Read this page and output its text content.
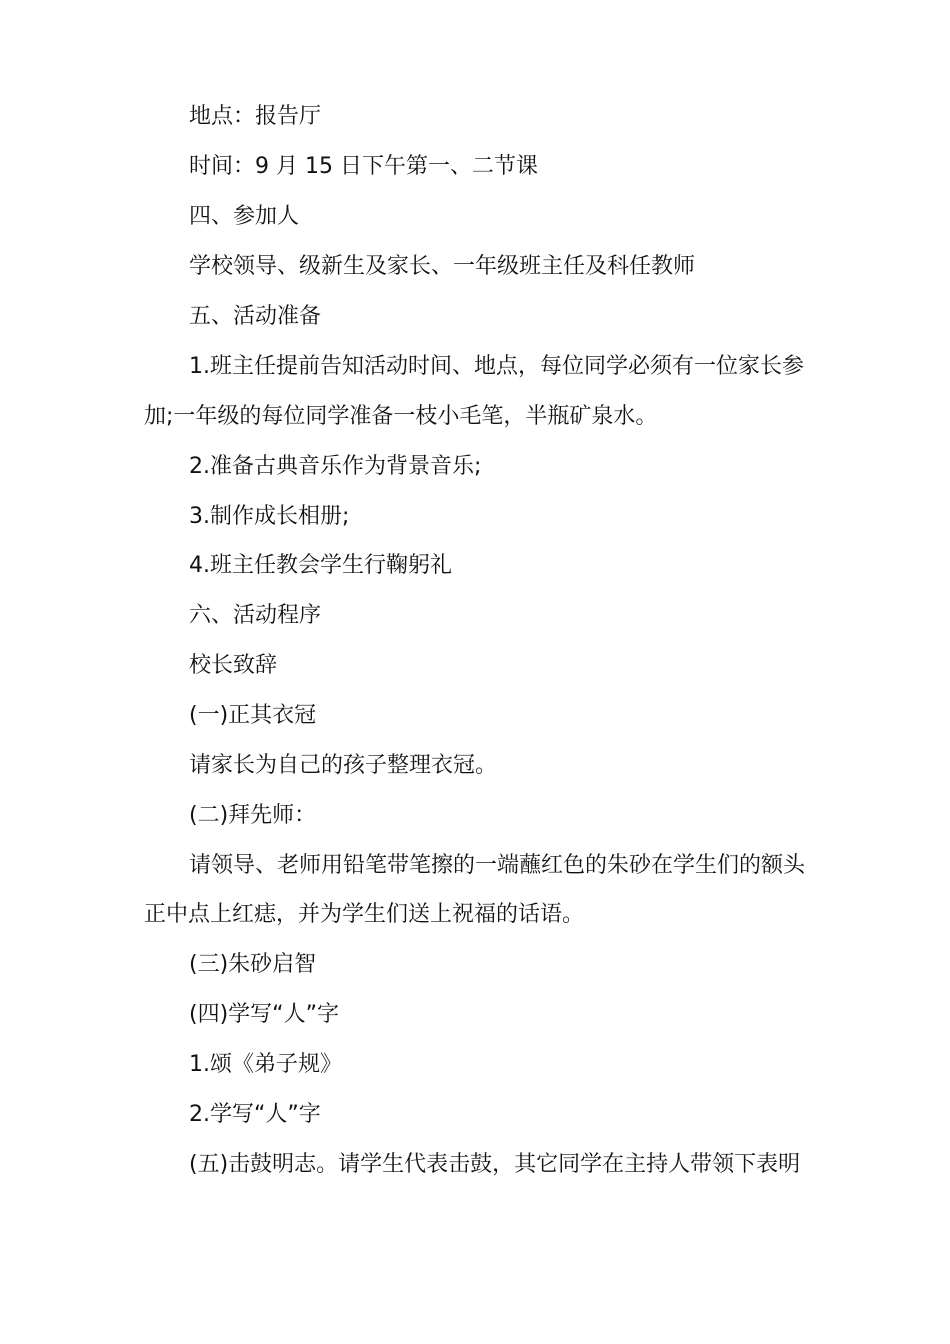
地点：报告厅
时间：9 月 15 日下午第一、二节课
四、参加人
学校领导、级新生及家长、一年级班主任及科任教师
五、活动准备
1.班主任提前告知活动时间、地点，每位同学必须有一位家长参
加;一年级的每位同学准备一枝小毛笔，半瓶矿泉水。
2.准备古典音乐作为背景音乐;
3.制作成长相册;
4.班主任教会学生行鞠躬礼
六、活动程序
校长致辞
(一)正其衣冠
请家长为自己的孩子整理衣冠。
(二)拜先师：
请领导、老师用铅笔带笔擦的一端蘸红色的朱砂在学生们的额头
正中点上红痣，并为学生们送上祝福的话语。
(三)朱砂启智
(四)学写“人”字
1.颂《弟子规》
2.学写“人”字
(五)击鼓明志。请学生代表击鼓，其它同学在主持人带领下表明
